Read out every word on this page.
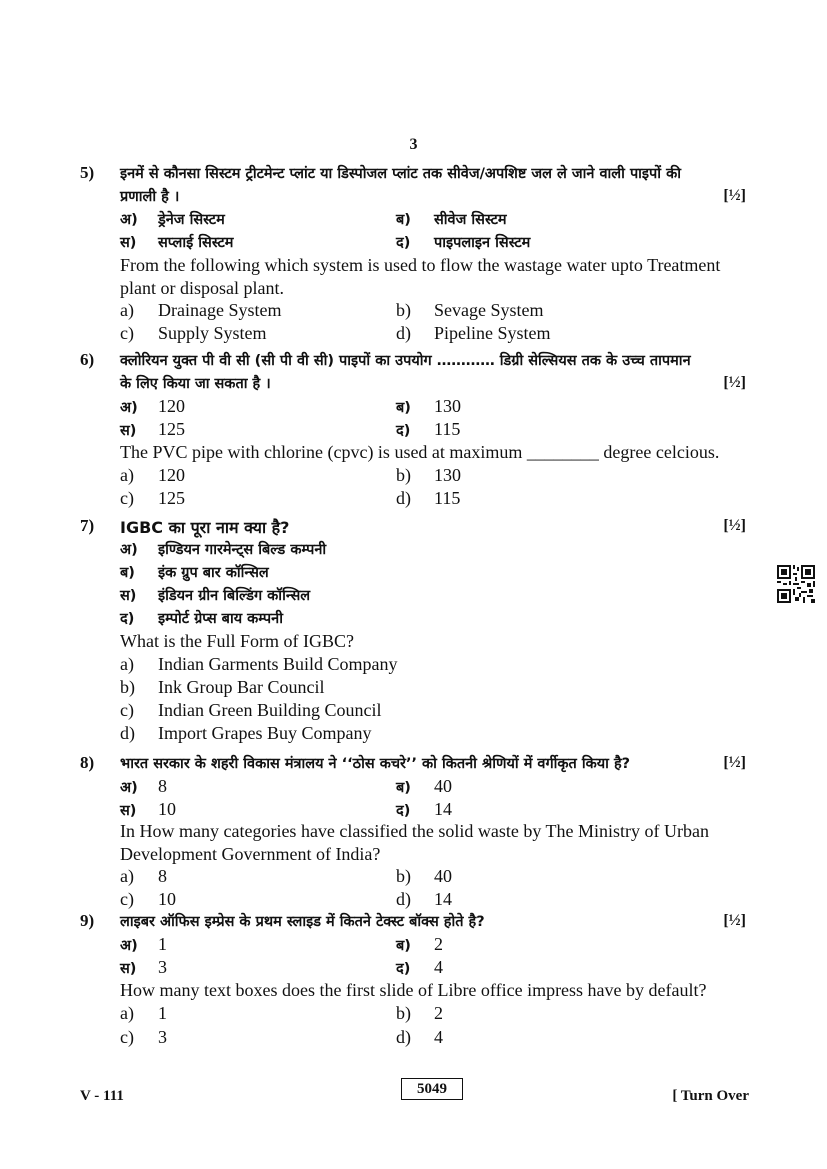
3
5) इनमें से कौनसा सिस्टम ट्रीटमेन्ट प्लांट या डिस्पोजल प्लांट तक सीवेज/अपशिष्ट जल ले जाने वाली पाइपों की
प्रणाली है ।	[½]
अ) ड्रेनेज सिस्टम	ब) सीवेज सिस्टम
स) सप्लाई सिस्टम	द) पाइपलाइन सिस्टम
From the following which system is used to flow the wastage water upto Treatment
plant or disposal plant.
a) Drainage System	b) Sevage System
c) Supply System	d) Pipeline System
6) क्लोरियन युक्त पी वी सी (सी पी वी सी) पाइपों का उपयोग ………… डिग्री सेल्सियस तक के उच्च तापमान
के लिए किया जा सकता है ।	[½]
अ) 120	ब) 130
स) 125	द) 115
The PVC pipe with chlorine (cpvc) is used at maximum ________ degree celcious.
a) 120	b) 130
c) 125	d) 115
7) IGBC का पूरा नाम क्या है?	[½]
अ) इण्डियन गारमेन्ट्स बिल्ड कम्पनी
ब) इंक ग्रुप बार कॉन्सिल
स) इंडियन ग्रीन बिल्डिंग कॉन्सिल
द) इम्पोर्ट ग्रेप्स बाय कम्पनी
What is the Full Form of IGBC?
a) Indian Garments Build Company
b) Ink Group Bar Council
c) Indian Green Building Council
d) Import Grapes Buy Company
8) भारत सरकार के शहरी विकास मंत्रालय ने ‘‘ठोस कचरे’’ को कितनी श्रेणियों में वर्गीकृत किया है?	[½]
अ) 8	ब) 40
स) 10	द) 14
In How many categories have classified the solid waste by The Ministry of Urban
Development Government of India?
a) 8	b) 40
c) 10	d) 14
9) लाइबर ऑफिस इम्प्रेस के प्रथम स्लाइड में कितने टेक्स्ट बॉक्स होते है?	[½]
अ) 1	ब) 2
स) 3	द) 4
How many text boxes does the first slide of Libre office impress have by default?
a) 1	b) 2
c) 3	d) 4
V - 111	5049	[ Turn Over
